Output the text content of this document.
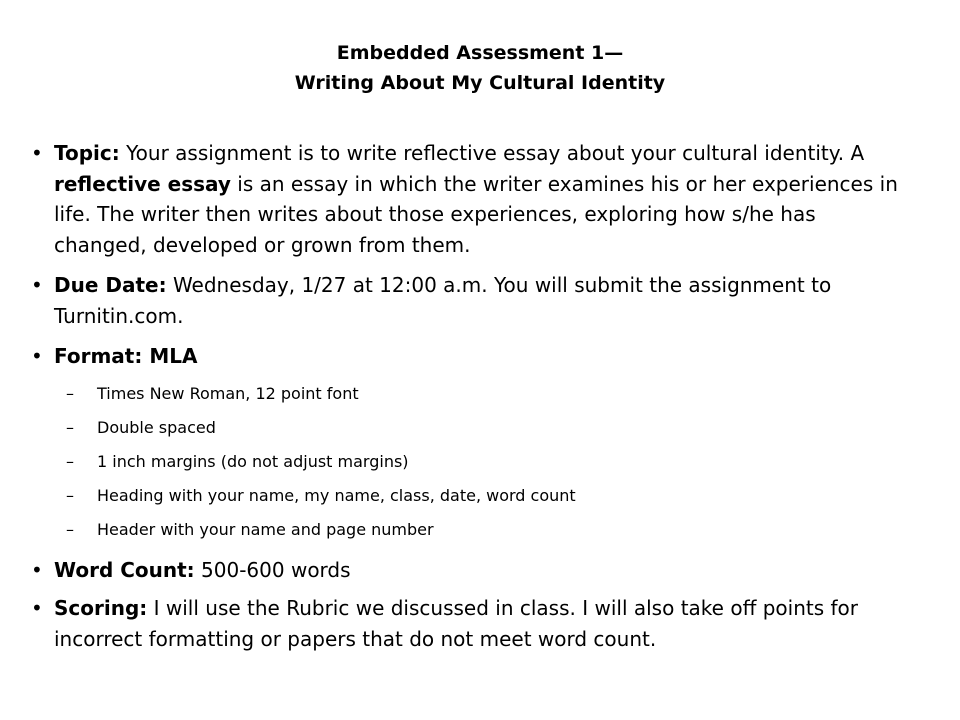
Embedded Assessment 1—
Writing About My Cultural Identity
• Topic: Your assignment is to write reflective essay about your cultural identity. A reflective essay is an essay in which the writer examines his or her experiences in life. The writer then writes about those experiences, exploring how s/he has changed, developed or grown from them.
• Due Date: Wednesday, 1/27 at 12:00 a.m. You will submit the assignment to Turnitin.com.
• Format: MLA
– Times New Roman, 12 point font
– Double spaced
– 1 inch margins (do not adjust margins)
– Heading with your name, my name, class, date, word count
– Header with your name and page number
• Word Count: 500-600 words
• Scoring: I will use the Rubric we discussed in class. I will also take off points for incorrect formatting or papers that do not meet word count.
